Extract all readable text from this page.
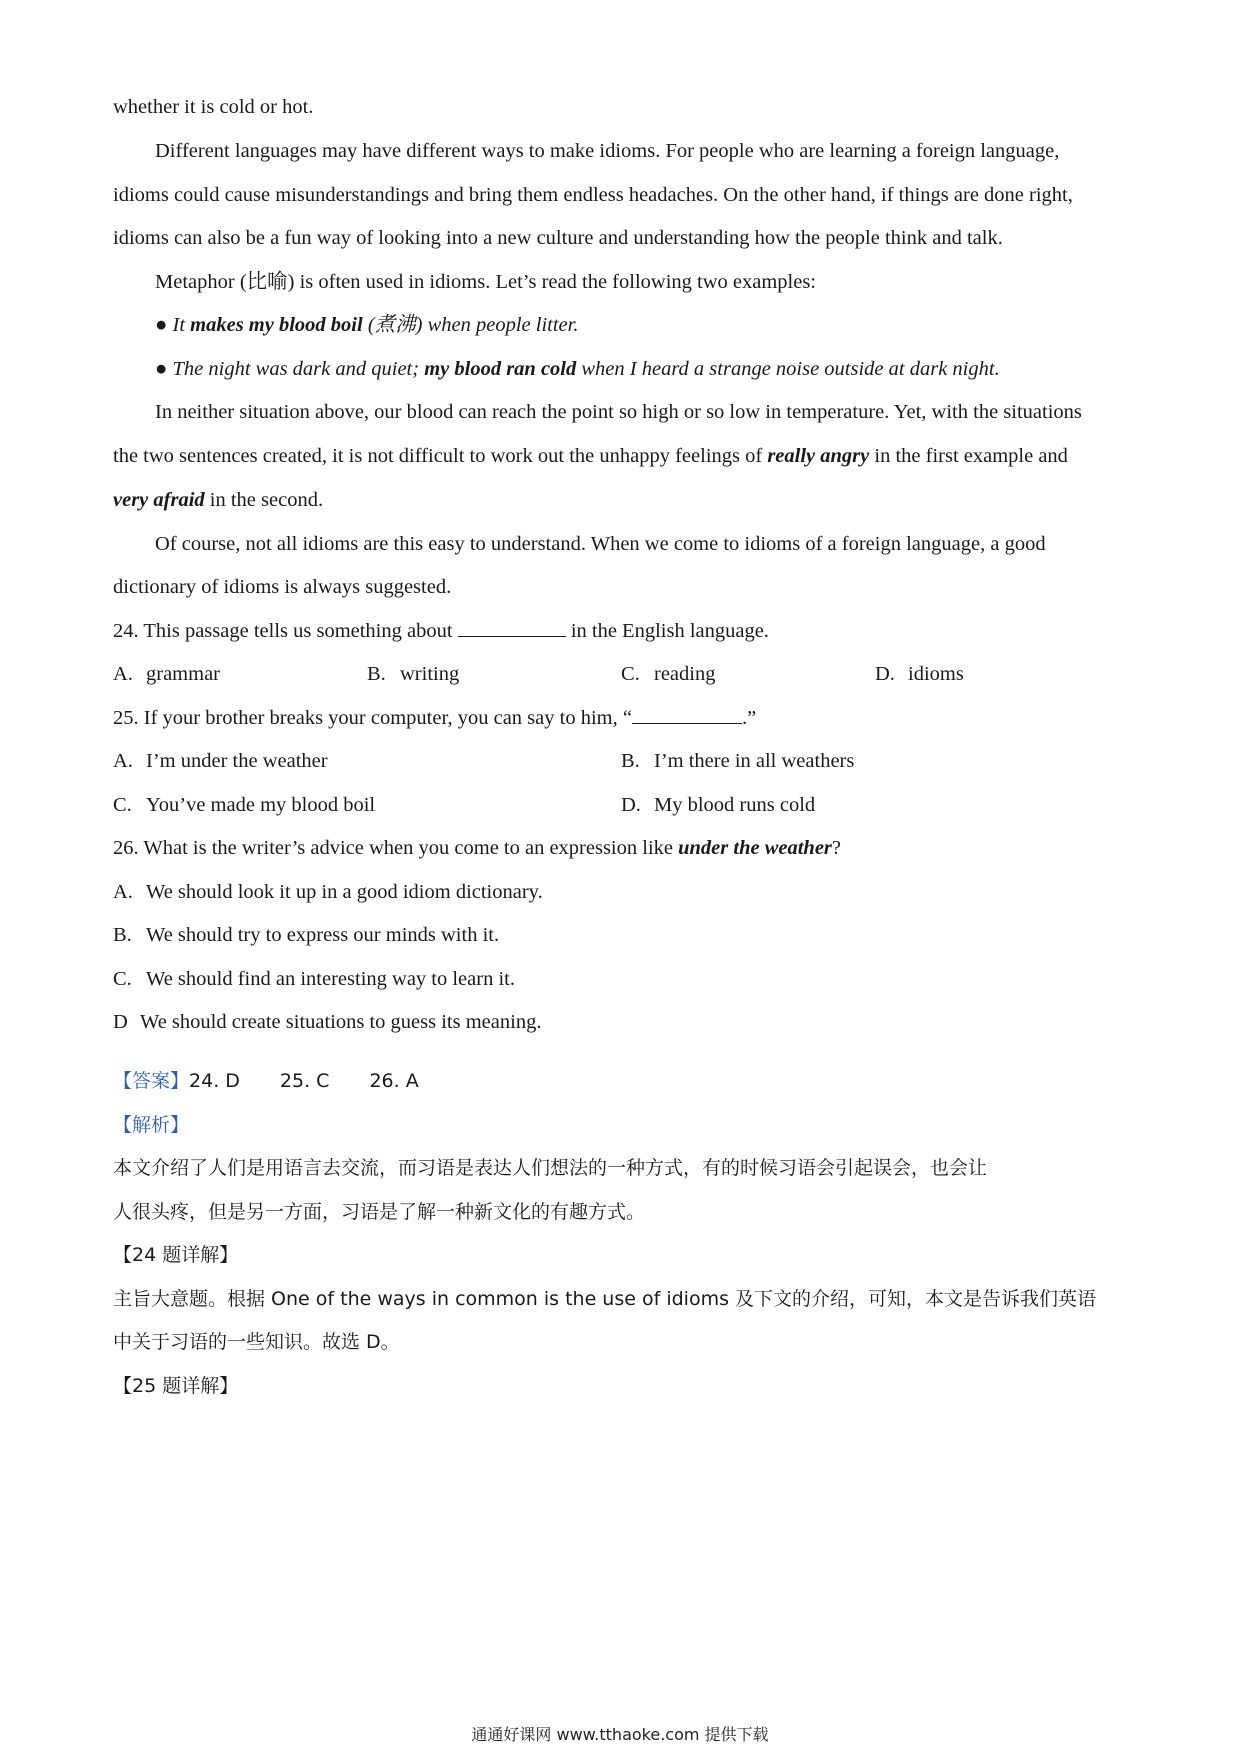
whether it is cold or hot.
Different languages may have different ways to make idioms. For people who are learning a foreign language,
idioms could cause misunderstandings and bring them endless headaches. On the other hand, if things are done right,
idioms can also be a fun way of looking into a new culture and understanding how the people think and talk.
Metaphor (比喻) is often used in idioms. Let’s read the following two examples:
● It makes my blood boil (煮沸) when people litter.
● The night was dark and quiet; my blood ran cold when I heard a strange noise outside at dark night.
In neither situation above, our blood can reach the point so high or so low in temperature. Yet, with the situations
the two sentences created, it is not difficult to work out the unhappy feelings of really angry in the first example and
very afraid in the second.
Of course, not all idioms are this easy to understand. When we come to idioms of a foreign language, a good
dictionary of idioms is always suggested.
24. This passage tells us something about	in the English language.
A. grammar	B. writing	C. reading	D. idioms
25. If your brother breaks your computer, you can say to him, “	.”
A. I’m under the weather	B. I’m there in all weathers
C. You’ve made my blood boil	D. My blood runs cold
26. What is the writer’s advice when you come to an expression like under the weather?
A. We should look it up in a good idiom dictionary.
B. We should try to express our minds with it.
C. We should find an interesting way to learn it.
D We should create situations to guess its meaning.
【答案】24. D 25. C 26. A
【解析】
本文介绍了人们是用语言去交流，而习语是表达人们想法的一种方式，有的时候习语会引起误会，也会让
人很头疼，但是另一方面，习语是了解一种新文化的有趣方式。
【24 题详解】
主旨大意题。根据 One of the ways in common is the use of idioms 及下文的介绍，可知，本文是告诉我们英语
中关于习语的一些知识。故选 D。
【25 题详解】
通通好课网 www.tthaoke.com 提供下载
